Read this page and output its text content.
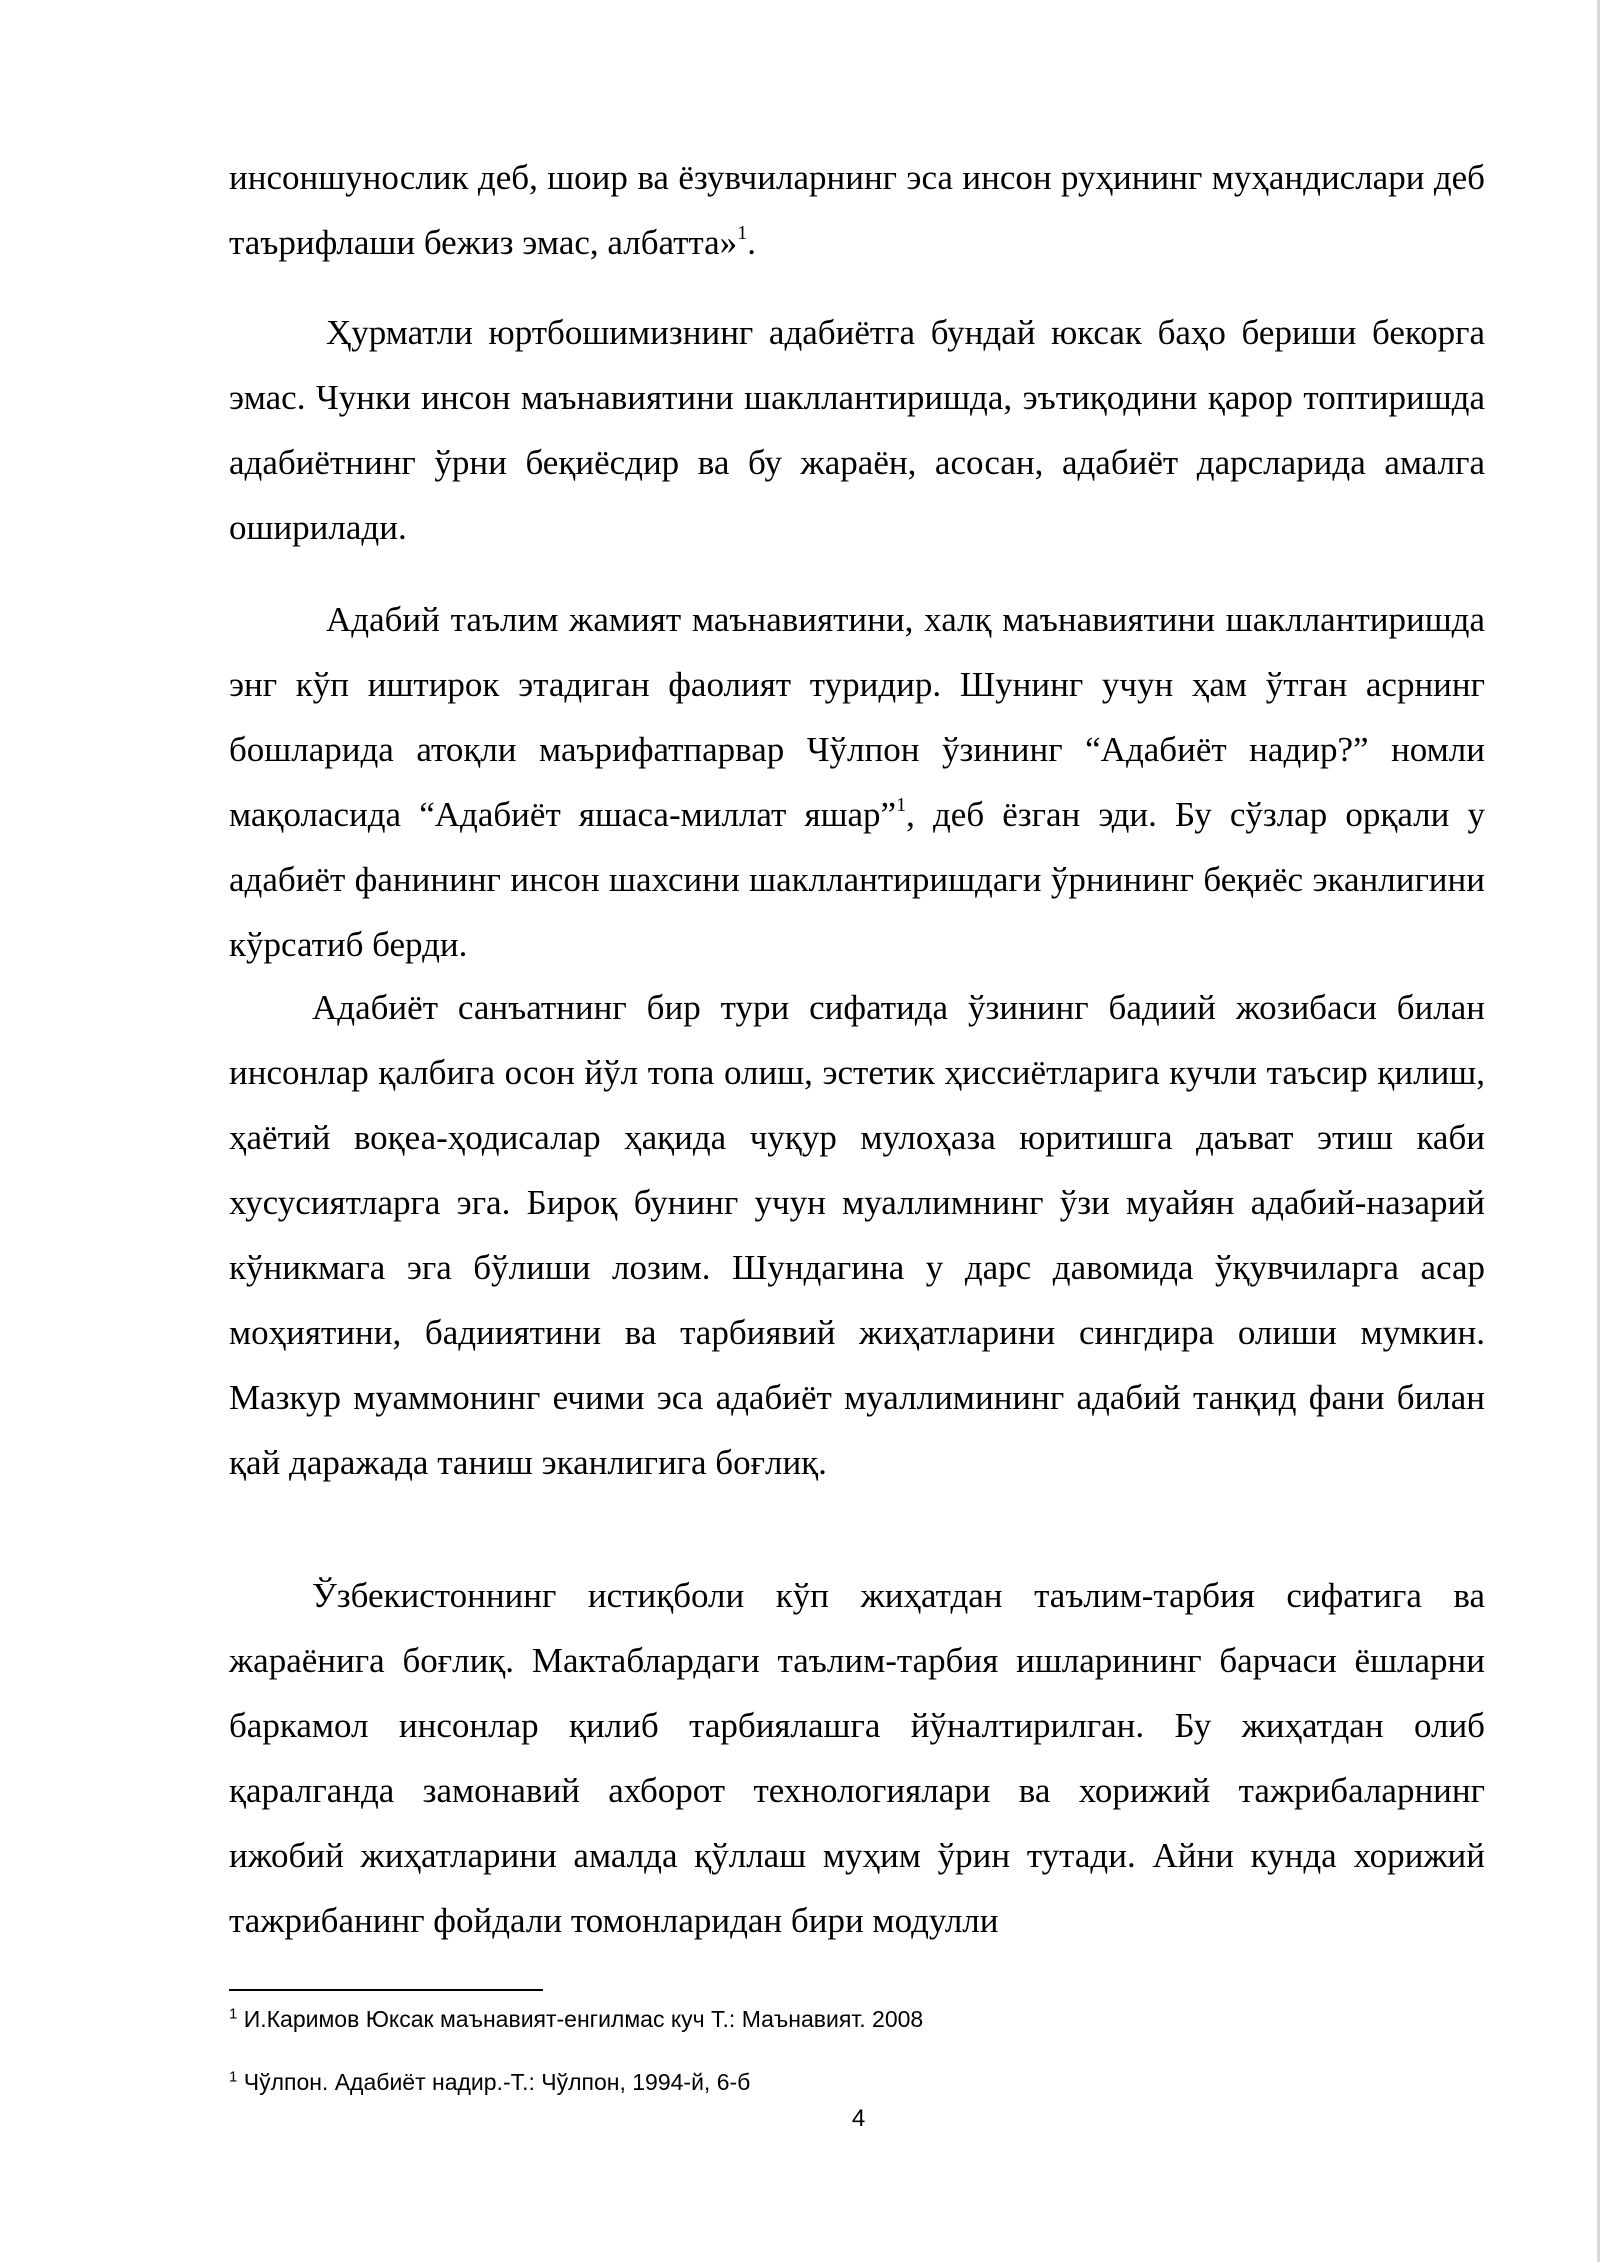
инсоншунослик деб, шоир ва ёзувчиларнинг эса инсон руҳининг муҳандислари деб таърифлаши бежиз эмас, албатта»$^1$.

Ҳурматли юртбошимизнинг адабиётга бундай юксак баҳо бериши бекорга эмас. Чунки инсон маънавиятини шакллантиришда, эътиқодини қарор топтиришда адабиётнинг ўрни беқиёсдир ва бу жараён, асосан, адабиёт дарсларида амалга оширилади.

Адабий таълим жамият маънавиятини, халқ маънавиятини шакллантиришда энг кўп иштирок этадиган фаолият туридир. Шунинг учун ҳам ўтган асрнинг бошларида атоқли маърифатпарвар Чўлпон ўзининг “Адабиёт надир?” номли мақоласида “Адабиёт яшаса-миллат яшар”$^1$, деб ёзган эди. Бу сўзлар орқали у адабиёт фанининг инсон шахсини шакллантиришдаги ўрнининг беқиёс эканлигини кўрсатиб берди.

Адабиёт санъатнинг бир тури сифатида ўзининг бадиий жозибаси билан инсонлар қалбига осон йўл топа олиш, эстетик ҳиссиётларига кучли таъсир қилиш, ҳаётий воқеа-ҳодисалар ҳақида чуқур мулоҳаза юритишга даъват этиш каби хусусиятларга эга. Бироқ бунинг учун муаллимнинг ўзи муайян адабий-назарий кўникмага эга бўлиши лозим. Шундагина у дарс давомида ўқувчиларга асар моҳиятини, бадииятини ва тарбиявий жиҳатларини сингдира олиши мумкин. Мазкур муаммонинг ечими эса адабиёт муаллимининг адабий танқид фани билан қай даражада таниш эканлигига боғлиқ.

Ўзбекистоннинг истиқболи кўп жиҳатдан таълим-тарбия сифатига ва жараёнига боғлиқ. Мактаблардаги таълим-тарбия ишларининг барчаси ёшларни баркамол инсонлар қилиб тарбиялашга йўналтирилган. Бу жиҳатдан олиб қаралганда замонавий ахборот технологиялари ва хорижий тажрибаларнинг ижобий жиҳатларини амалда қўллаш муҳим ўрин тутади. Айни кунда хорижий тажрибанинг фойдали томонларидан бири модулли

$^1$ И.Каримов Юксак маънавият-енгилмас куч Т.: Маънавият. 2008
$^1$ Чўлпон. Адабиёт надир.-Т.: Чўлпон, 1994-й, 6-б
4
